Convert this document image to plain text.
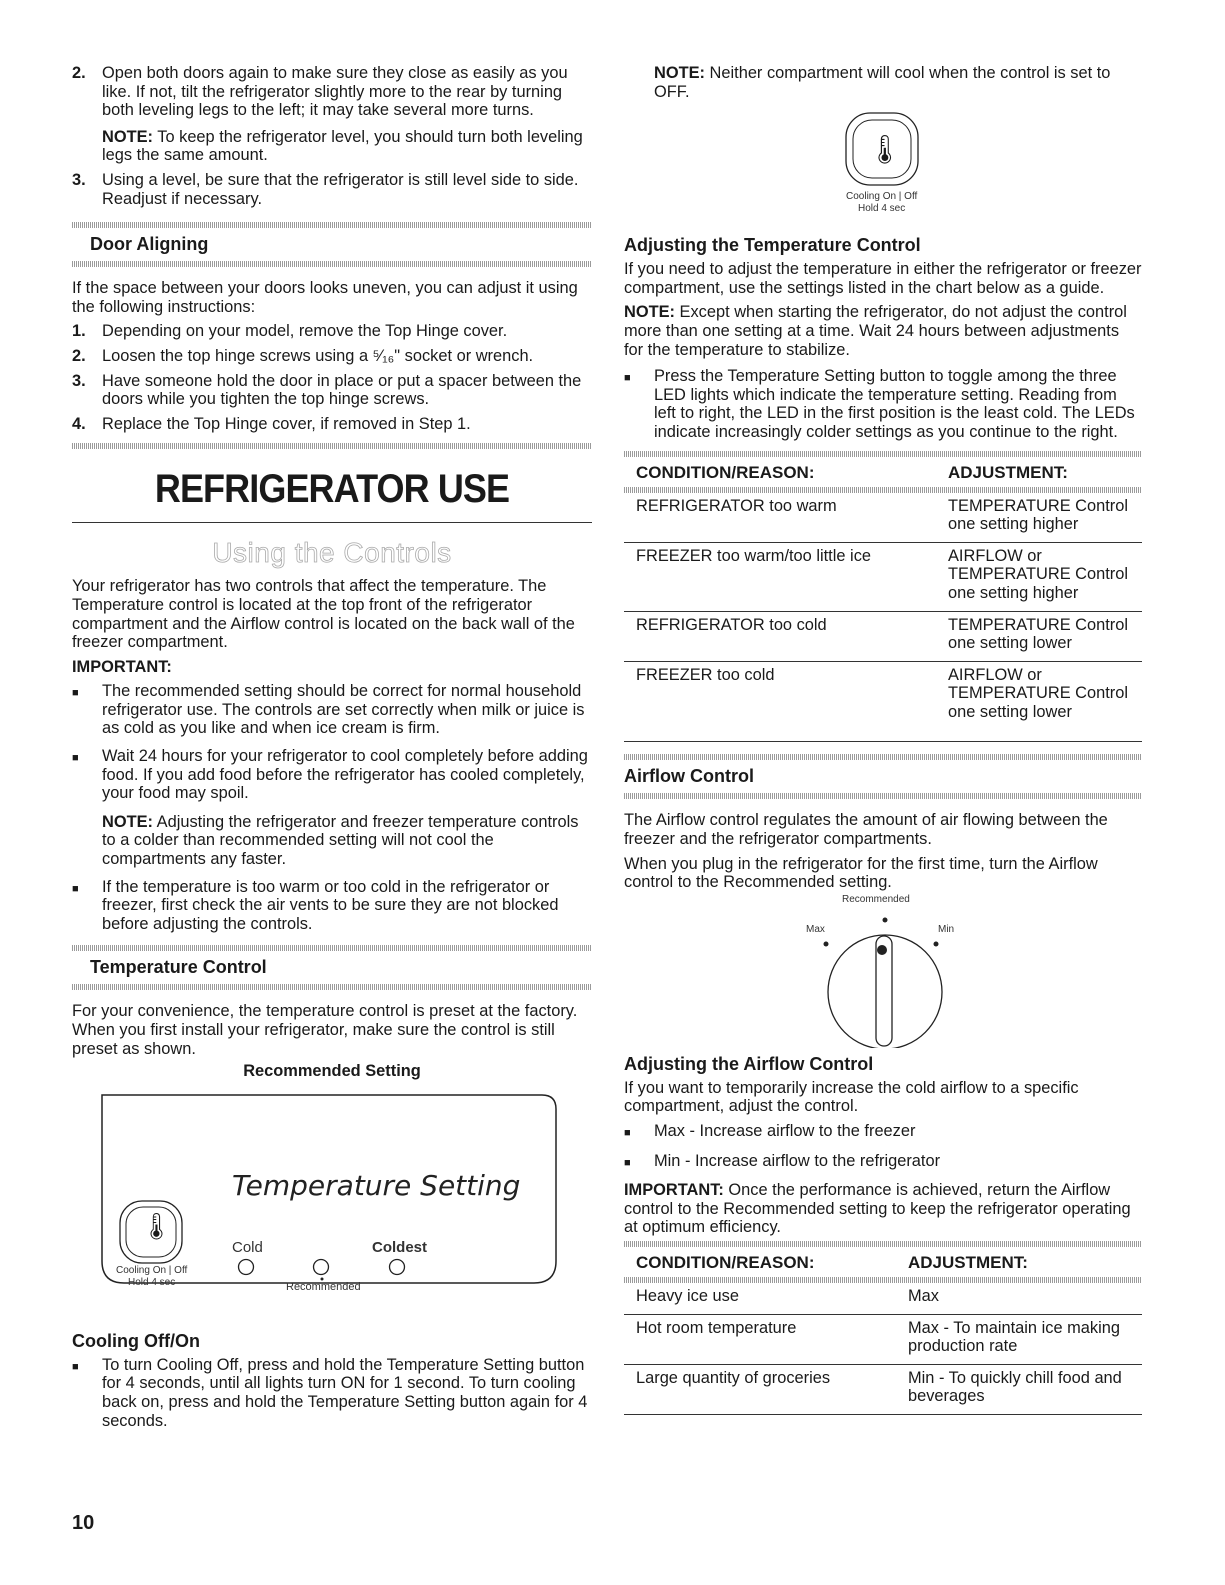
2. Open both doors again to make sure they close as easily as you like. If not, tilt the refrigerator slightly more to the rear by turning both leveling legs to the left; it may take several more turns.

NOTE: To keep the refrigerator level, you should turn both leveling legs the same amount.

3. Using a level, be sure that the refrigerator is still level side to side. Readjust if necessary.

Door Aligning

If the space between your doors looks uneven, you can adjust it using the following instructions:

1. Depending on your model, remove the Top Hinge cover.
2. Loosen the top hinge screws using a ⁵⁄₁₆" socket or wrench.
3. Have someone hold the door in place or put a spacer between the doors while you tighten the top hinge screws.
4. Replace the Top Hinge cover, if removed in Step 1.
REFRIGERATOR USE
Using the Controls

Your refrigerator has two controls that affect the temperature. The Temperature control is located at the top front of the refrigerator compartment and the Airflow control is located on the back wall of the freezer compartment.

IMPORTANT:

■	The recommended setting should be correct for normal household refrigerator use. The controls are set correctly when milk or juice is as cold as you like and when ice cream is firm.
■	Wait 24 hours for your refrigerator to cool completely before adding food. If you add food before the refrigerator has cooled completely, your food may spoil.

NOTE: Adjusting the refrigerator and freezer temperature controls to a colder than recommended setting will not cool the compartments any faster.

■	If the temperature is too warm or too cold in the refrigerator or freezer, first check the air vents to be sure they are not blocked before adjusting the controls.
Temperature Control

For your convenience, the temperature control is preset at the factory. When you first install your refrigerator, make sure the control is still preset as shown.

Recommended Setting

🌡︎
Temperature Setting
Cold	Coldest
Recommended
Cooling On | Off
Hold 4 sec
Cooling Off/On
■	To turn Cooling Off, press and hold the Temperature Setting button for 4 seconds, until all lights turn ON for 1 second. To turn cooling back on, press and hold the Temperature Setting button again for 4 seconds.

NOTE: Neither compartment will cool when the control is set to OFF.

🌡︎
Cooling On | Off
Hold 4 sec
Adjusting the Temperature Control

If you need to adjust the temperature in either the refrigerator or freezer compartment, use the settings listed in the chart below as a guide.

NOTE: Except when starting the refrigerator, do not adjust the control more than one setting at a time. Wait 24 hours between adjustments for the temperature to stabilize.

■	Press the Temperature Setting button to toggle among the three LED lights which indicate the temperature setting. Reading from left to right, the LED in the first position is the least cold. The LEDs indicate increasingly colder settings as you continue to the right.
CONDITION/REASON:	ADJUSTMENT:

REFRIGERATOR too warm	TEMPERATURE Control one setting higher
FREEZER too warm/too little ice	AIRFLOW or TEMPERATURE Control one setting higher
REFRIGERATOR too cold	TEMPERATURE Control one setting lower
FREEZER too cold	AIRFLOW or TEMPERATURE Control one setting lower
Airflow Control

The Airflow control regulates the amount of air flowing between the freezer and the refrigerator compartments.

When you plug in the refrigerator for the first time, turn the Airflow control to the Recommended setting.

Recommended
Max	Min
Adjusting the Airflow Control

If you want to temporarily increase the cold airflow to a specific compartment, adjust the control.

■	Max - Increase airflow to the freezer
■	Min - Increase airflow to the refrigerator

IMPORTANT: Once the performance is achieved, return the Airflow control to the Recommended setting to keep the refrigerator operating at optimum efficiency.

CONDITION/REASON:	ADJUSTMENT:

Heavy ice use	Max
Hot room temperature	Max - To maintain ice making production rate
Large quantity of groceries	Min - To quickly chill food and beverages
10
